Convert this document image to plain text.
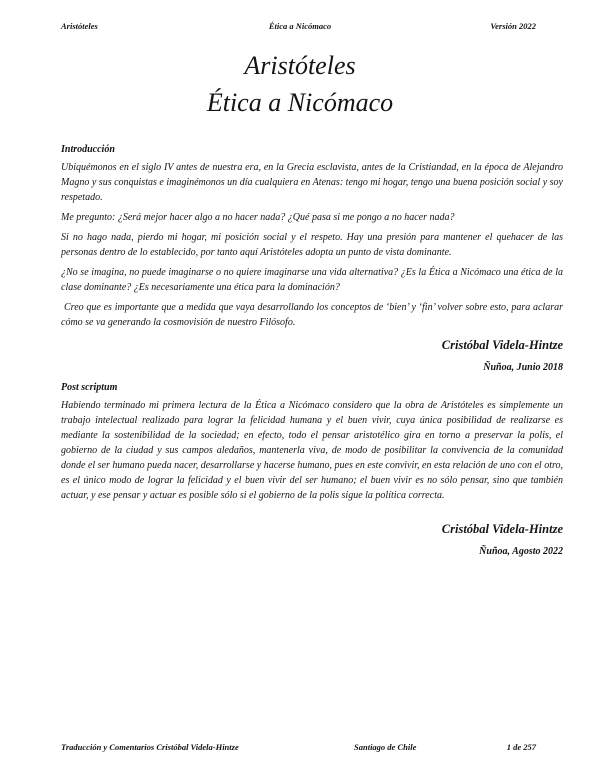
Aristóteles	Ética a Nicómaco	Versión 2022
Aristóteles
Ética a Nicómaco
Introducción
Ubiquémonos en el siglo IV antes de nuestra era, en la Grecia esclavista, antes de la Cristiandad, en la época de Alejandro Magno y sus conquistas e imaginémonos un día cualquiera en Atenas: tengo mi hogar, tengo una buena posición social y soy respetado.
Me pregunto: ¿Será mejor hacer algo a no hacer nada? ¿Qué pasa si me pongo a no hacer nada?
Si no hago nada, pierdo mi hogar, mi posición social y el respeto. Hay una presión para mantener el quehacer de las personas dentro de lo establecido, por tanto aquí Aristóteles adopta un punto de vista dominante.
¿No se imagina, no puede imaginarse o no quiere imaginarse una vida alternativa? ¿Es la Ética a Nicómaco una ética de la clase dominante? ¿Es necesariamente una ética para la dominación?
Creo que es importante que a medida que vaya desarrollando los conceptos de ‘bien’ y ‘fin’ volver sobre esto, para aclarar cómo se va generando la cosmovisión de nuestro Filósofo.
Cristóbal Videla-Hintze
Ñuñoa, Junio 2018
Post scriptum
Habiendo terminado mi primera lectura de la Ética a Nicómaco considero que la obra de Aristóteles es simplemente un trabajo intelectual realizado para lograr la felicidad humana y el buen vivir, cuya única posibilidad de realizarse es mediante la sostenibilidad de la sociedad; en efecto, todo el pensar aristotélico gira en torno a preservar la polis, el gobierno de la ciudad y sus campos aledaños, mantenerla viva, de modo de posibilitar la convivencia de la comunidad donde el ser humano pueda nacer, desarrollarse y hacerse humano, pues en este convivir, en esta relación de uno con el otro, es el único modo de lograr la felicidad y el buen vivir del ser humano; el buen vivir es no sólo pensar, sino que también actuar, y ese pensar y actuar es posible sólo si el gobierno de la polis sigue la política correcta.
Cristóbal Videla-Hintze
Ñuñoa, Agosto 2022
Traducción y Comentarios Cristóbal Videla-Hintze	Santiago de Chile	1 de 257
